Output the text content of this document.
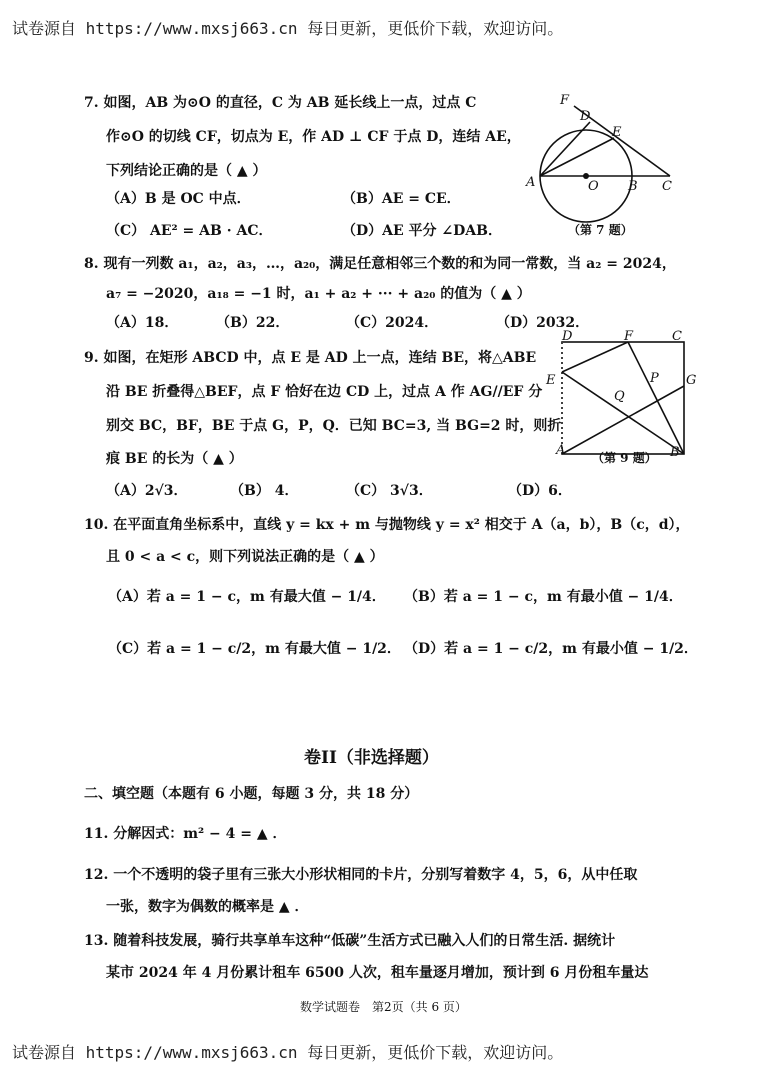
试卷源自 https://www.mxsj663.cn 每日更新，更低价下载，欢迎访问。
7. 如图，AB 为⊙O 的直径，C 为 AB 延长线上一点，过点 C
作⊙O 的切线 CF，切点为 E，作 AD ⊥ CF 于点 D，连结 AE，
下列结论正确的是（ ▲ ）
（A）B 是 OC 中点．	（B）AE = CE．
（C） AE² = AB · AC．	（D）AE 平分 ∠DAB．
F
D
E
A	O B C
（第 7 题）
8. 现有一列数 a₁，a₂，a₃，…，a₂₀，满足任意相邻三个数的和为同一常数，当 a₂ = 2024，
a₇ = −2020，a₁₈ = −1 时，a₁ + a₂ + ··· + a₂₀ 的值为（ ▲ ）
（A）18．	（B）22．	（C）2024．	（D）2032．
9. 如图，在矩形 ABCD 中，点 E 是 AD 上一点，连结 BE，将△ABE
沿 BE 折叠得△BEF，点 F 恰好在边 CD 上，过点 A 作 AG//EF 分
别交 BC，BF，BE 于点 G，P，Q．已知 BC=3, 当 BG=2 时，则折
痕 BE 的长为（ ▲ ）
（A）2√3．	（B） 4．	（C） 3√3．	（D）6．
D	F	C
E	P G
Q
A	B
（第 9 题）
10. 在平面直角坐标系中，直线 y = kx + m 与抛物线 y = x² 相交于 A（a，b），B（c，d），
且 0 < a < c，则下列说法正确的是（ ▲ ）
（A）若 a = 1 − c，m 有最大值 − 1/4． （B）若 a = 1 − c，m 有最小值 − 1/4．
（C）若 a = 1 − c/2，m 有最大值 − 1/2． （D）若 a = 1 − c/2，m 有最小值 − 1/2．
卷II（非选择题）
二、填空题（本题有 6 小题，每题 3 分，共 18 分）
11. 分解因式：m² − 4 = ▲ ．
12. 一个不透明的袋子里有三张大小形状相同的卡片，分别写着数字 4，5，6，从中任取
一张，数字为偶数的概率是 ▲ ．
13. 随着科技发展，骑行共享单车这种“低碳”生活方式已融入人们的日常生活. 据统计
某市 2024 年 4 月份累计租车 6500 人次，租车量逐月增加，预计到 6 月份租车量达
数学试题卷　第2页（共 6 页）
试卷源自 https://www.mxsj663.cn 每日更新，更低价下载，欢迎访问。
